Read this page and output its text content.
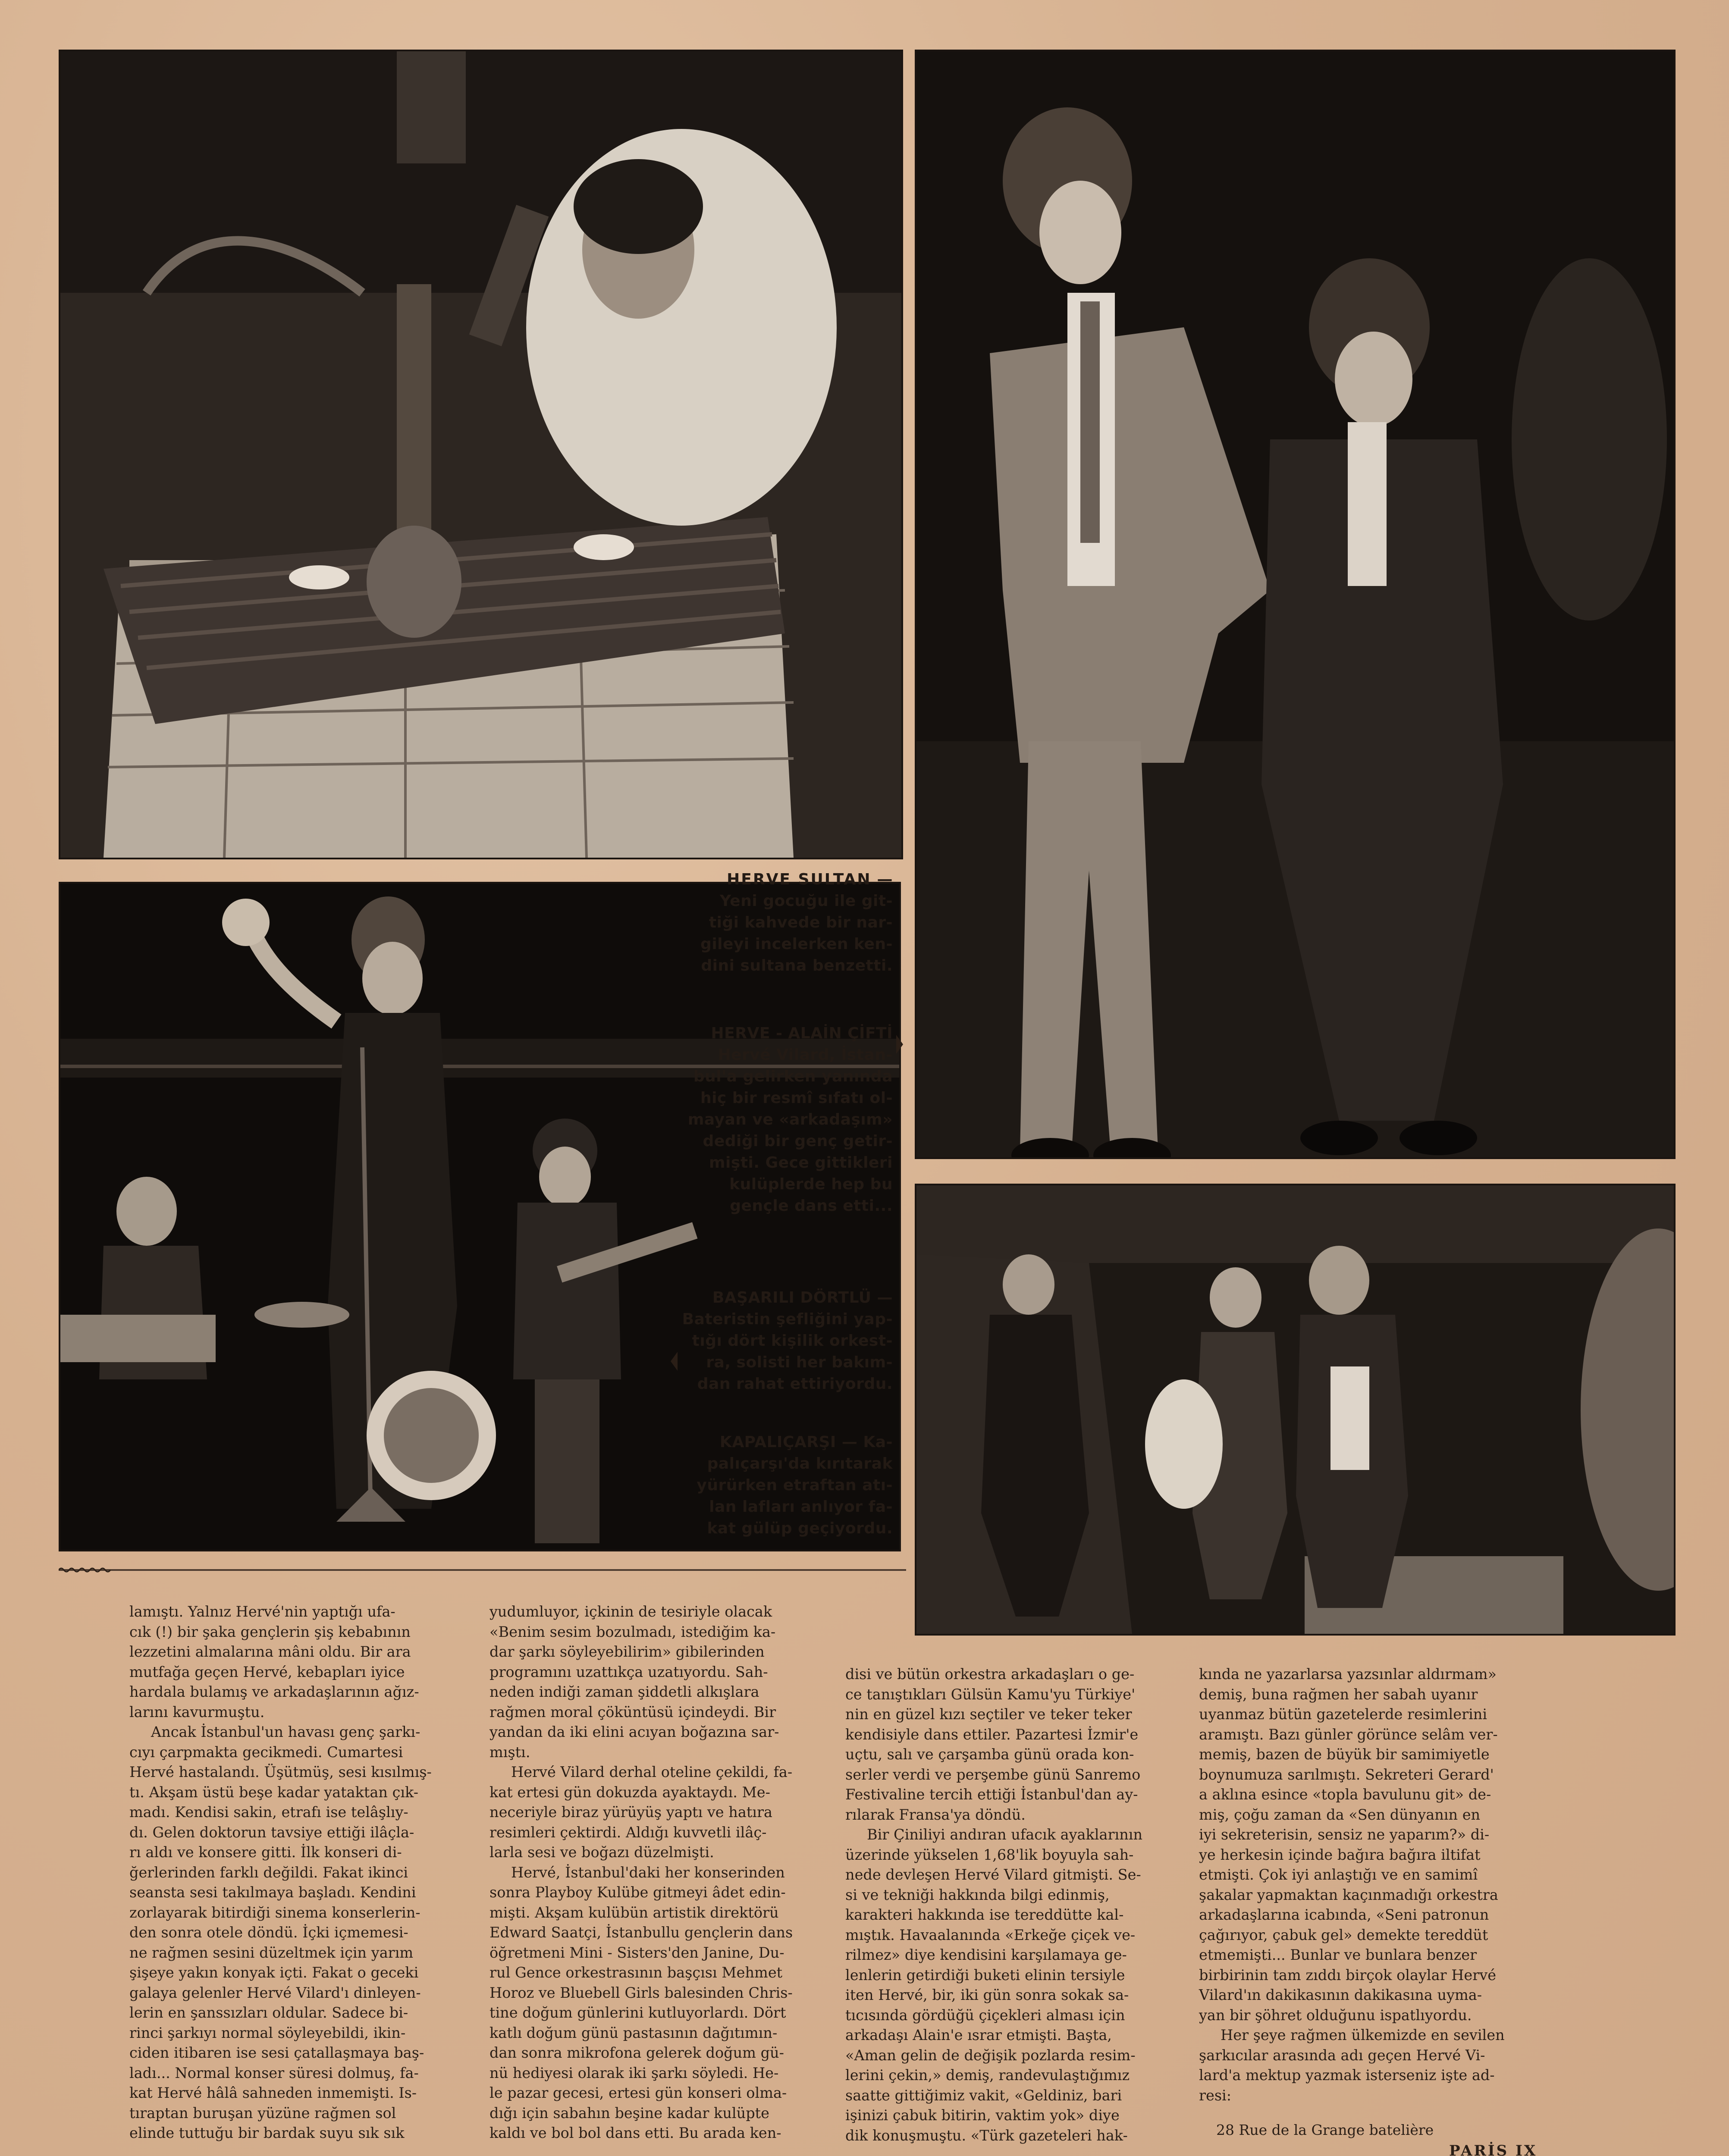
HERVE SULTAN —
Yeni gocuğu ile git-
tiği kahvede bir nar-
gileyi incelerken ken-
dini sultana benzetti.
HERVE - ALAİN ÇİFTİ
Hervé Vilard, İstan-
bul'a gelirken yanında
hiç bir resmî sıfatı ol-
mayan ve «arkadaşım»
dediği bir genç getir-
mişti. Gece gittikleri
kulüplerde hep bu
gençle dans etti...
BAŞARILI DÖRTLÜ —
Bateristin şefliğini yap-
tığı dört kişilik orkest-
ra, solisti her bakım-
dan rahat ettiriyordu.
KAPALIÇARŞI — Ka-
palıçarşı'da kırıtarak
yürürken etraftan atı-
lan lafları anlıyor fa-
kat gülüp geçiyordu.

lamıştı. Yalnız Hervé'nin yaptığı ufa-
cık (!) bir şaka gençlerin şiş kebabının
lezzetini almalarına mâni oldu. Bir ara
mutfağa geçen Hervé, kebapları iyice
hardala bulamış ve arkadaşlarının ağız-
larını kavurmuştu.

Ancak İstanbul'un havası genç şarkı-
cıyı çarpmakta gecikmedi. Cumartesi
Hervé hastalandı. Üşütmüş, sesi kısılmış-
tı. Akşam üstü beşe kadar yataktan çık-
madı. Kendisi sakin, etrafı ise telâşlıy-
dı. Gelen doktorun tavsiye ettiği ilâçla-
rı aldı ve konsere gitti. İlk konseri di-
ğerlerinden farklı değildi. Fakat ikinci
seansta sesi takılmaya başladı. Kendini
zorlayarak bitirdiği sinema konserlerin-
den sonra otele döndü. İçki içmemesi-
ne rağmen sesini düzeltmek için yarım
şişeye yakın konyak içti. Fakat o geceki
galaya gelenler Hervé Vilard'ı dinleyen-
lerin en şanssızları oldular. Sadece bi-
rinci şarkıyı normal söyleyebildi, ikin-
ciden itibaren ise sesi çatallaşmaya baş-
ladı... Normal konser süresi dolmuş, fa-
kat Hervé hâlâ sahneden inmemişti. Is-
tıraptan buruşan yüzüne rağmen sol
elinde tuttuğu bir bardak suyu sık sık

yudumluyor, içkinin de tesiriyle olacak
«Benim sesim bozulmadı, istediğim ka-
dar şarkı söyleyebilirim» gibilerinden
programını uzattıkça uzatıyordu. Sah-
neden indiği zaman şiddetli alkışlara
rağmen moral çöküntüsü içindeydi. Bir
yandan da iki elini acıyan boğazına sar-
mıştı.

Hervé Vilard derhal oteline çekildi, fa-
kat ertesi gün dokuzda ayaktaydı. Me-
neceriyle biraz yürüyüş yaptı ve hatıra
resimleri çektirdi. Aldığı kuvvetli ilâç-
larla sesi ve boğazı düzelmişti.

Hervé, İstanbul'daki her konserinden
sonra Playboy Kulübe gitmeyi âdet edin-
mişti. Akşam kulübün artistik direktörü
Edward Saatçi, İstanbullu gençlerin dans
öğretmeni Mini - Sisters'den Janine, Du-
rul Gence orkestrasının başçısı Mehmet
Horoz ve Bluebell Girls balesinden Chris-
tine doğum günlerini kutluyorlardı. Dört
katlı doğum günü pastasının dağıtımın-
dan sonra mikrofona gelerek doğum gü-
nü hediyesi olarak iki şarkı söyledi. He-
le pazar gecesi, ertesi gün konseri olma-
dığı için sabahın beşine kadar kulüpte
kaldı ve bol bol dans etti. Bu arada ken-

disi ve bütün orkestra arkadaşları o ge-
ce tanıştıkları Gülsün Kamu'yu Türkiye'
nin en güzel kızı seçtiler ve teker teker
kendisiyle dans ettiler. Pazartesi İzmir'e
uçtu, salı ve çarşamba günü orada kon-
serler verdi ve perşembe günü Sanremo
Festivaline tercih ettiği İstanbul'dan ay-
rılarak Fransa'ya döndü.

Bir Çiniliyi andıran ufacık ayaklarının
üzerinde yükselen 1,68'lik boyuyla sah-
nede devleşen Hervé Vilard gitmişti. Se-
si ve tekniği hakkında bilgi edinmiş,
karakteri hakkında ise tereddütte kal-
mıştık. Havaalanında «Erkeğe çiçek ve-
rilmez» diye kendisini karşılamaya ge-
lenlerin getirdiği buketi elinin tersiyle
iten Hervé, bir, iki gün sonra sokak sa-
tıcısında gördüğü çiçekleri alması için
arkadaşı Alain'e ısrar etmişti. Başta,
«Aman gelin de değişik pozlarda resim-
lerini çekin,» demiş, randevulaştığımız
saatte gittiğimiz vakit, «Geldiniz, bari
işinizi çabuk bitirin, vaktim yok» diye
dik konuşmuştu. «Türk gazeteleri hak-

kında ne yazarlarsa yazsınlar aldırmam»
demiş, buna rağmen her sabah uyanır
uyanmaz bütün gazetelerde resimlerini
aramıştı. Bazı günler görünce selâm ver-
memiş, bazen de büyük bir samimiyetle
boynumuza sarılmıştı. Sekreteri Gerard'
a aklına esince «topla bavulunu git» de-
miş, çoğu zaman da «Sen dünyanın en
iyi sekreterisin, sensiz ne yaparım?» di-
ye herkesin içinde bağıra bağıra iltifat
etmişti. Çok iyi anlaştığı ve en samimî
şakalar yapmaktan kaçınmadığı orkestra
arkadaşlarına icabında, «Seni patronun
çağırıyor, çabuk gel» demekte tereddüt
etmemişti... Bunlar ve bunlara benzer
birbirinin tam zıddı birçok olaylar Hervé
Vilard'ın dakikasının dakikasına uyma-
yan bir şöhret olduğunu ispatlıyordu.

Her şeye rağmen ülkemizde en sevilen
şarkıcılar arasında adı geçen Hervé Vi-
lard'a mektup yazmak isterseniz işte ad-
resi:

28 Rue de la Grange batelière
PARİS IX
